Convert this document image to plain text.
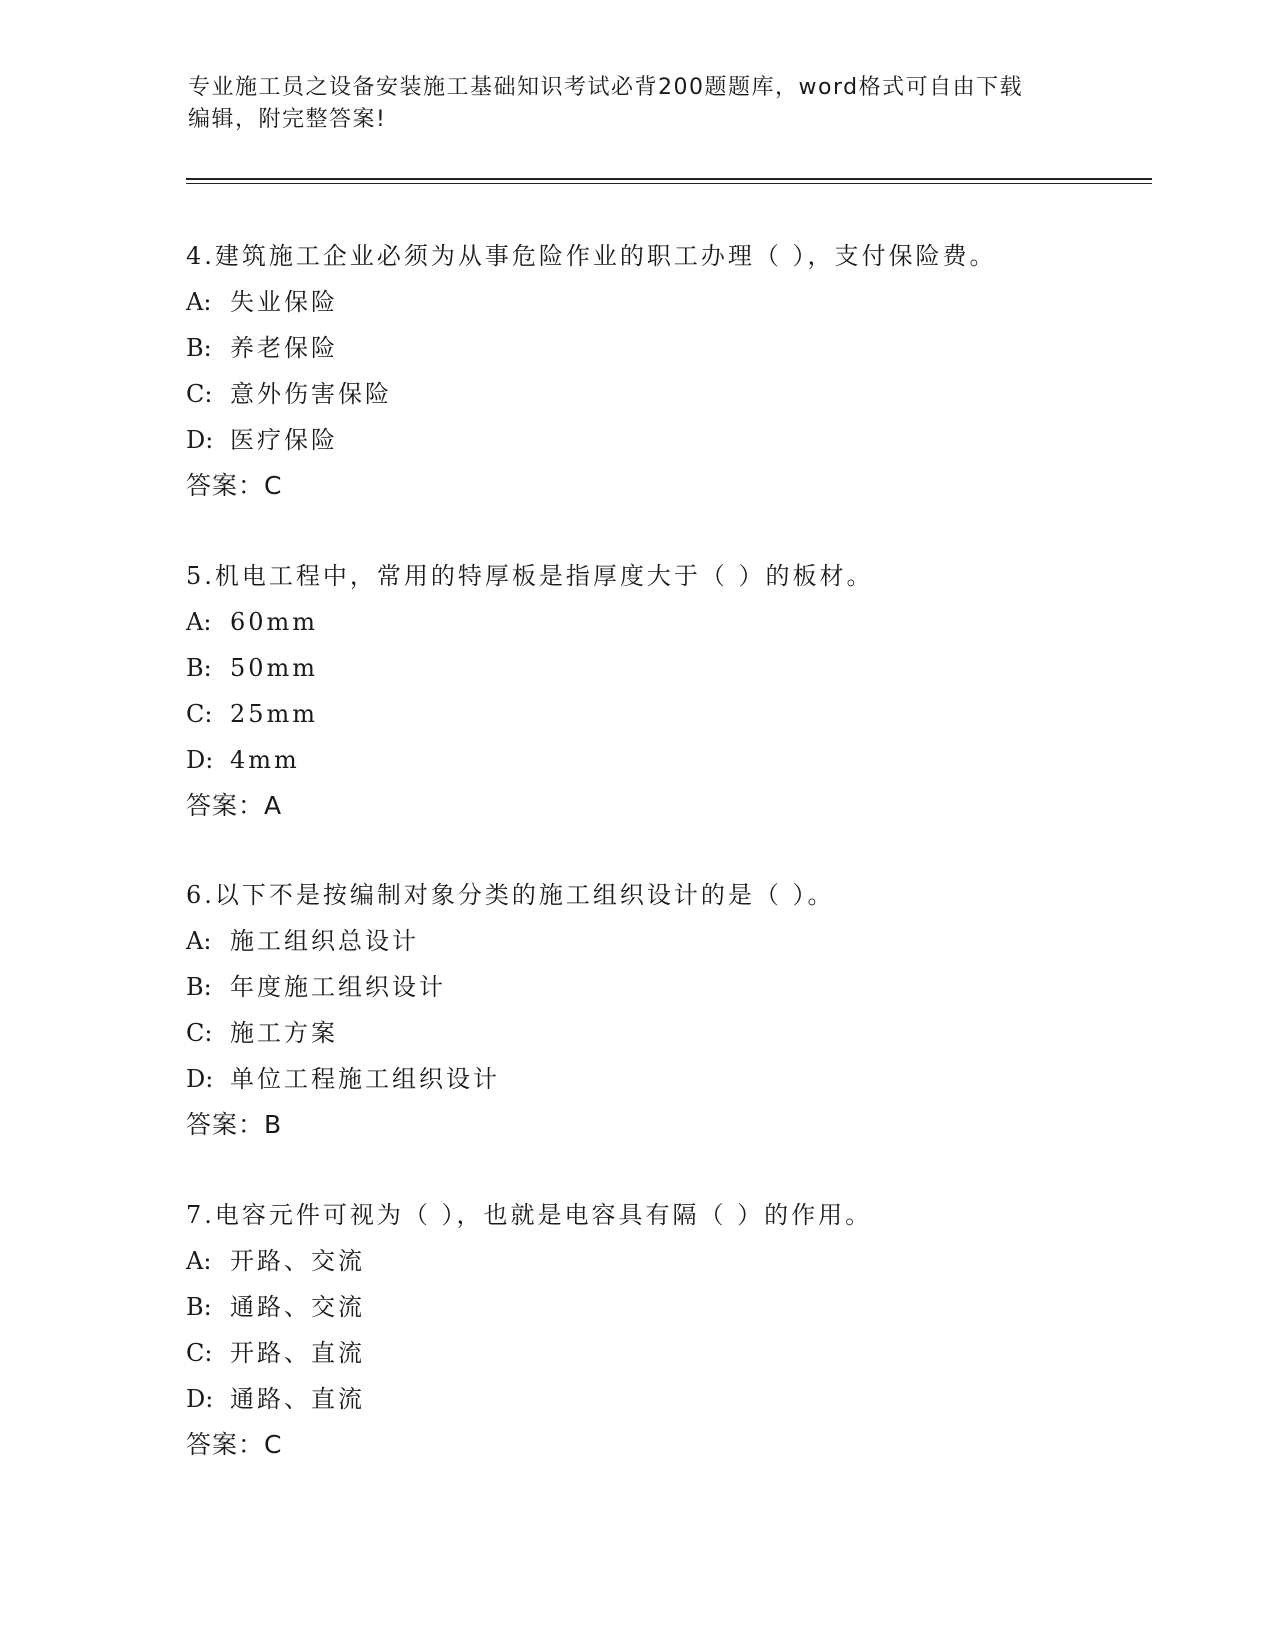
专业施工员之设备安装施工基础知识考试必背200题题库，word格式可自由下载
编辑，附完整答案!
4.建筑施工企业必须为从事危险作业的职工办理（ ），支付保险费。
A: 失业保险
B: 养老保险
C: 意外伤害保险
D: 医疗保险
答案：C
5.机电工程中，常用的特厚板是指厚度大于（ ）的板材。
A: 60mm
B: 50mm
C: 25mm
D: 4mm
答案：A
6.以下不是按编制对象分类的施工组织设计的是（ ）。
A: 施工组织总设计
B: 年度施工组织设计
C: 施工方案
D: 单位工程施工组织设计
答案：B
7.电容元件可视为（ ），也就是电容具有隔（ ）的作用。
A: 开路、交流
B: 通路、交流
C: 开路、直流
D: 通路、直流
答案：C
